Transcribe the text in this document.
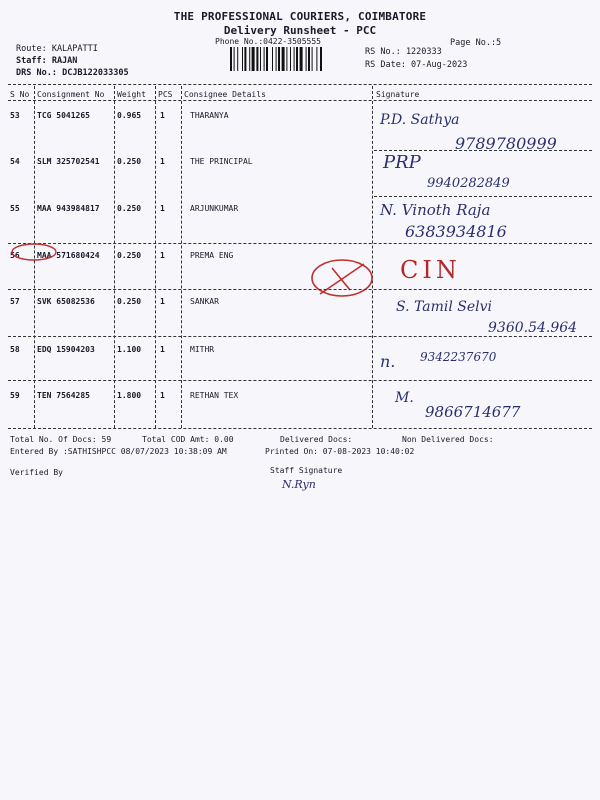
THE PROFESSIONAL COURIERS, COIMBATORE
Delivery Runsheet - PCC
Phone No.:0422-3505555	Page No.:5
Route: KALAPATTI
Staff: RAJAN
DRS No.: DCJB122033305
RS No.: 1220333
RS Date: 07-Aug-2023
S No Consignment No Weight PCS Consignee Details	Signature
53 TCG 5041265	0.965 1	THARANYA	P.D. Sathya
9789780999
54 SLM 325702541 0.250 1	THE PRINCIPAL	PRP
9940282849
55 MAA 943984817 0.250 1	ARJUNKUMAR	N. Vinoth Raja
6383934816
56 MAA 571680424 0.250 1	PREMA ENG
CIN
57 SVK 65082536	0.250 1	SANKAR	S. Tamil Selvi
9360.54.964
58 EDQ 15904203	1.100 1	MITHR
n. 9342237670
59 TEN 7564285	1.800 1	RETHAN TEX	M.
9866714677
Total No. Of Docs: 59	Total COD Amt: 0.00	Delivered Docs:	Non Delivered Docs:
Entered By :SATHISHPCC 08/07/2023 10:38:09 AM	Printed On: 07-08-2023 10:40:02
Verified By	Staff Signature
N.Ryn
